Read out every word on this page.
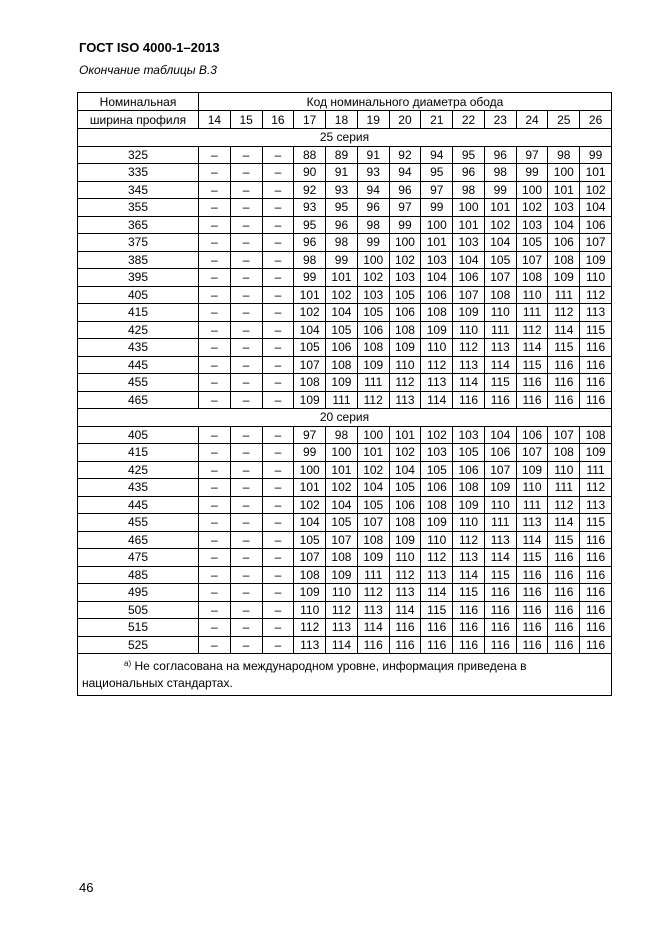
ГОСТ ISO 4000-1–2013
Окончание таблицы В.3
Номинальная	Код номинального диаметра обода												
ширина профиля	14	15	16	17	18	19	20	21	22	23	24	25	26
25 серия													
325	–	–	–	88	89	91	92	94	95	96	97	98	99
335	–	–	–	90	91	93	94	95	96	98	99	100	101
345	–	–	–	92	93	94	96	97	98	99	100	101	102
355	–	–	–	93	95	96	97	99	100	101	102	103	104
365	–	–	–	95	96	98	99	100	101	102	103	104	106
375	–	–	–	96	98	99	100	101	103	104	105	106	107
385	–	–	–	98	99	100	102	103	104	105	107	108	109
395	–	–	–	99	101	102	103	104	106	107	108	109	110
405	–	–	–	101	102	103	105	106	107	108	110	111	112
415	–	–	–	102	104	105	106	108	109	110	111	112	113
425	–	–	–	104	105	106	108	109	110	111	112	114	115
435	–	–	–	105	106	108	109	110	112	113	114	115	116
445	–	–	–	107	108	109	110	112	113	114	115	116	116
455	–	–	–	108	109	111	112	113	114	115	116	116	116
465	–	–	–	109	111	112	113	114	116	116	116	116	116
20 серия													
405	–	–	–	97	98	100	101	102	103	104	106	107	108
415	–	–	–	99	100	101	102	103	105	106	107	108	109
425	–	–	–	100	101	102	104	105	106	107	109	110	111
435	–	–	–	101	102	104	105	106	108	109	110	111	112
445	–	–	–	102	104	105	106	108	109	110	111	112	113
455	–	–	–	104	105	107	108	109	110	111	113	114	115
465	–	–	–	105	107	108	109	110	112	113	114	115	116
475	–	–	–	107	108	109	110	112	113	114	115	116	116
485	–	–	–	108	109	111	112	113	114	115	116	116	116
495	–	–	–	109	110	112	113	114	115	116	116	116	116
505	–	–	–	110	112	113	114	115	116	116	116	116	116
515	–	–	–	112	113	114	116	116	116	116	116	116	116
525	–	–	–	113	114	116	116	116	116	116	116	116	116
$^{а)}$ Не согласована на международном уровне, информация приведена в национальных стандартах.													
46
